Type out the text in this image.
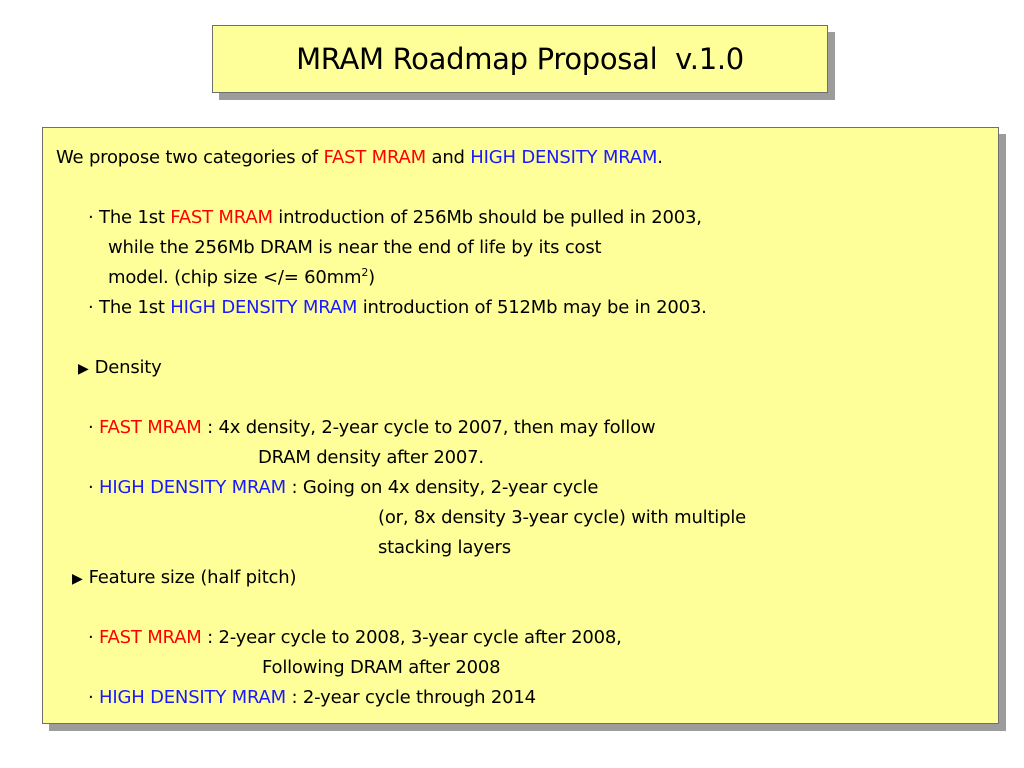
MRAM Roadmap Proposal  v.1.0
We propose two categories of FAST MRAM and HIGH DENSITY MRAM.
· The 1st FAST MRAM introduction of 256Mb should be pulled in 2003,
while the 256Mb DRAM is near the end of life by its cost
model. (chip size </= $60mm^2$)
· The 1st HIGH DENSITY MRAM introduction of 512Mb may be in 2003.
▶ Density
· FAST MRAM : 4x density, 2-year cycle to 2007, then may follow
DRAM density after 2007.
· HIGH DENSITY MRAM : Going on 4x density, 2-year cycle
(or, 8x density 3-year cycle) with multiple
stacking layers
▶ Feature size (half pitch)
· FAST MRAM : 2-year cycle to 2008, 3-year cycle after 2008,
Following DRAM after 2008
· HIGH DENSITY MRAM : 2-year cycle through 2014
